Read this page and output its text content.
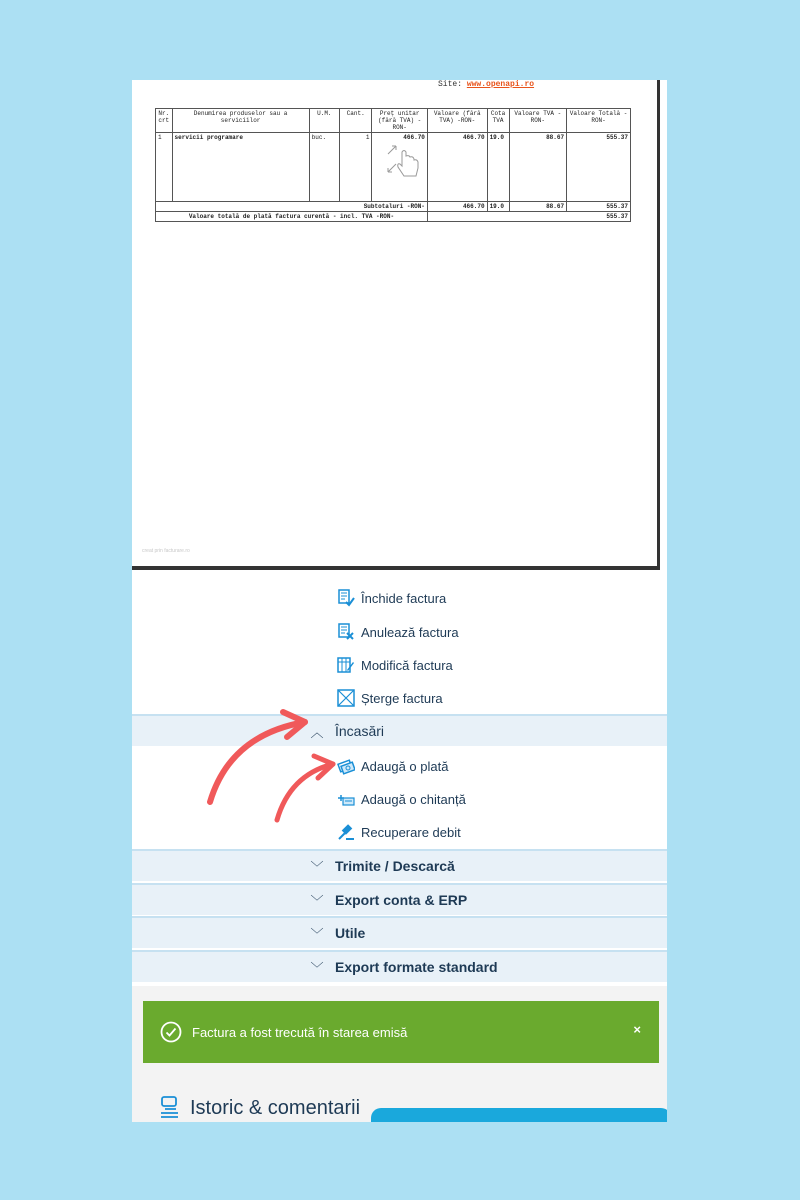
Site: www.openapi.ro
Nr. crt	Denumirea produselor sau a serviciilor	U.M.	Cant.	Preț unitar (fără TVA) -RON-	Valoare (fără TVA) -RON-	Cota TVA	Valoare TVA -RON-	Valoare Totală -RON-
1	servicii programare	buc.	1	466.70	466.70	19.0	88.67	555.37
Subtotaluri -RON-					466.70	19.0	88.67	555.37
Valoare totală de plată factura curentă - incl. TVA -RON-					555.37			
creat prin facturare.ro
Închide factura
Anulează factura
Modifică factura
Șterge factura
︿ Încasări
Adaugă o plată
Adaugă o chitanță
Recuperare debit
﹀ Trimite / Descarcă
﹀ Export conta & ERP
﹀ Utile
﹀ Export formate standard
Factura a fost trecută în starea emisă	×
Istoric & comentarii
